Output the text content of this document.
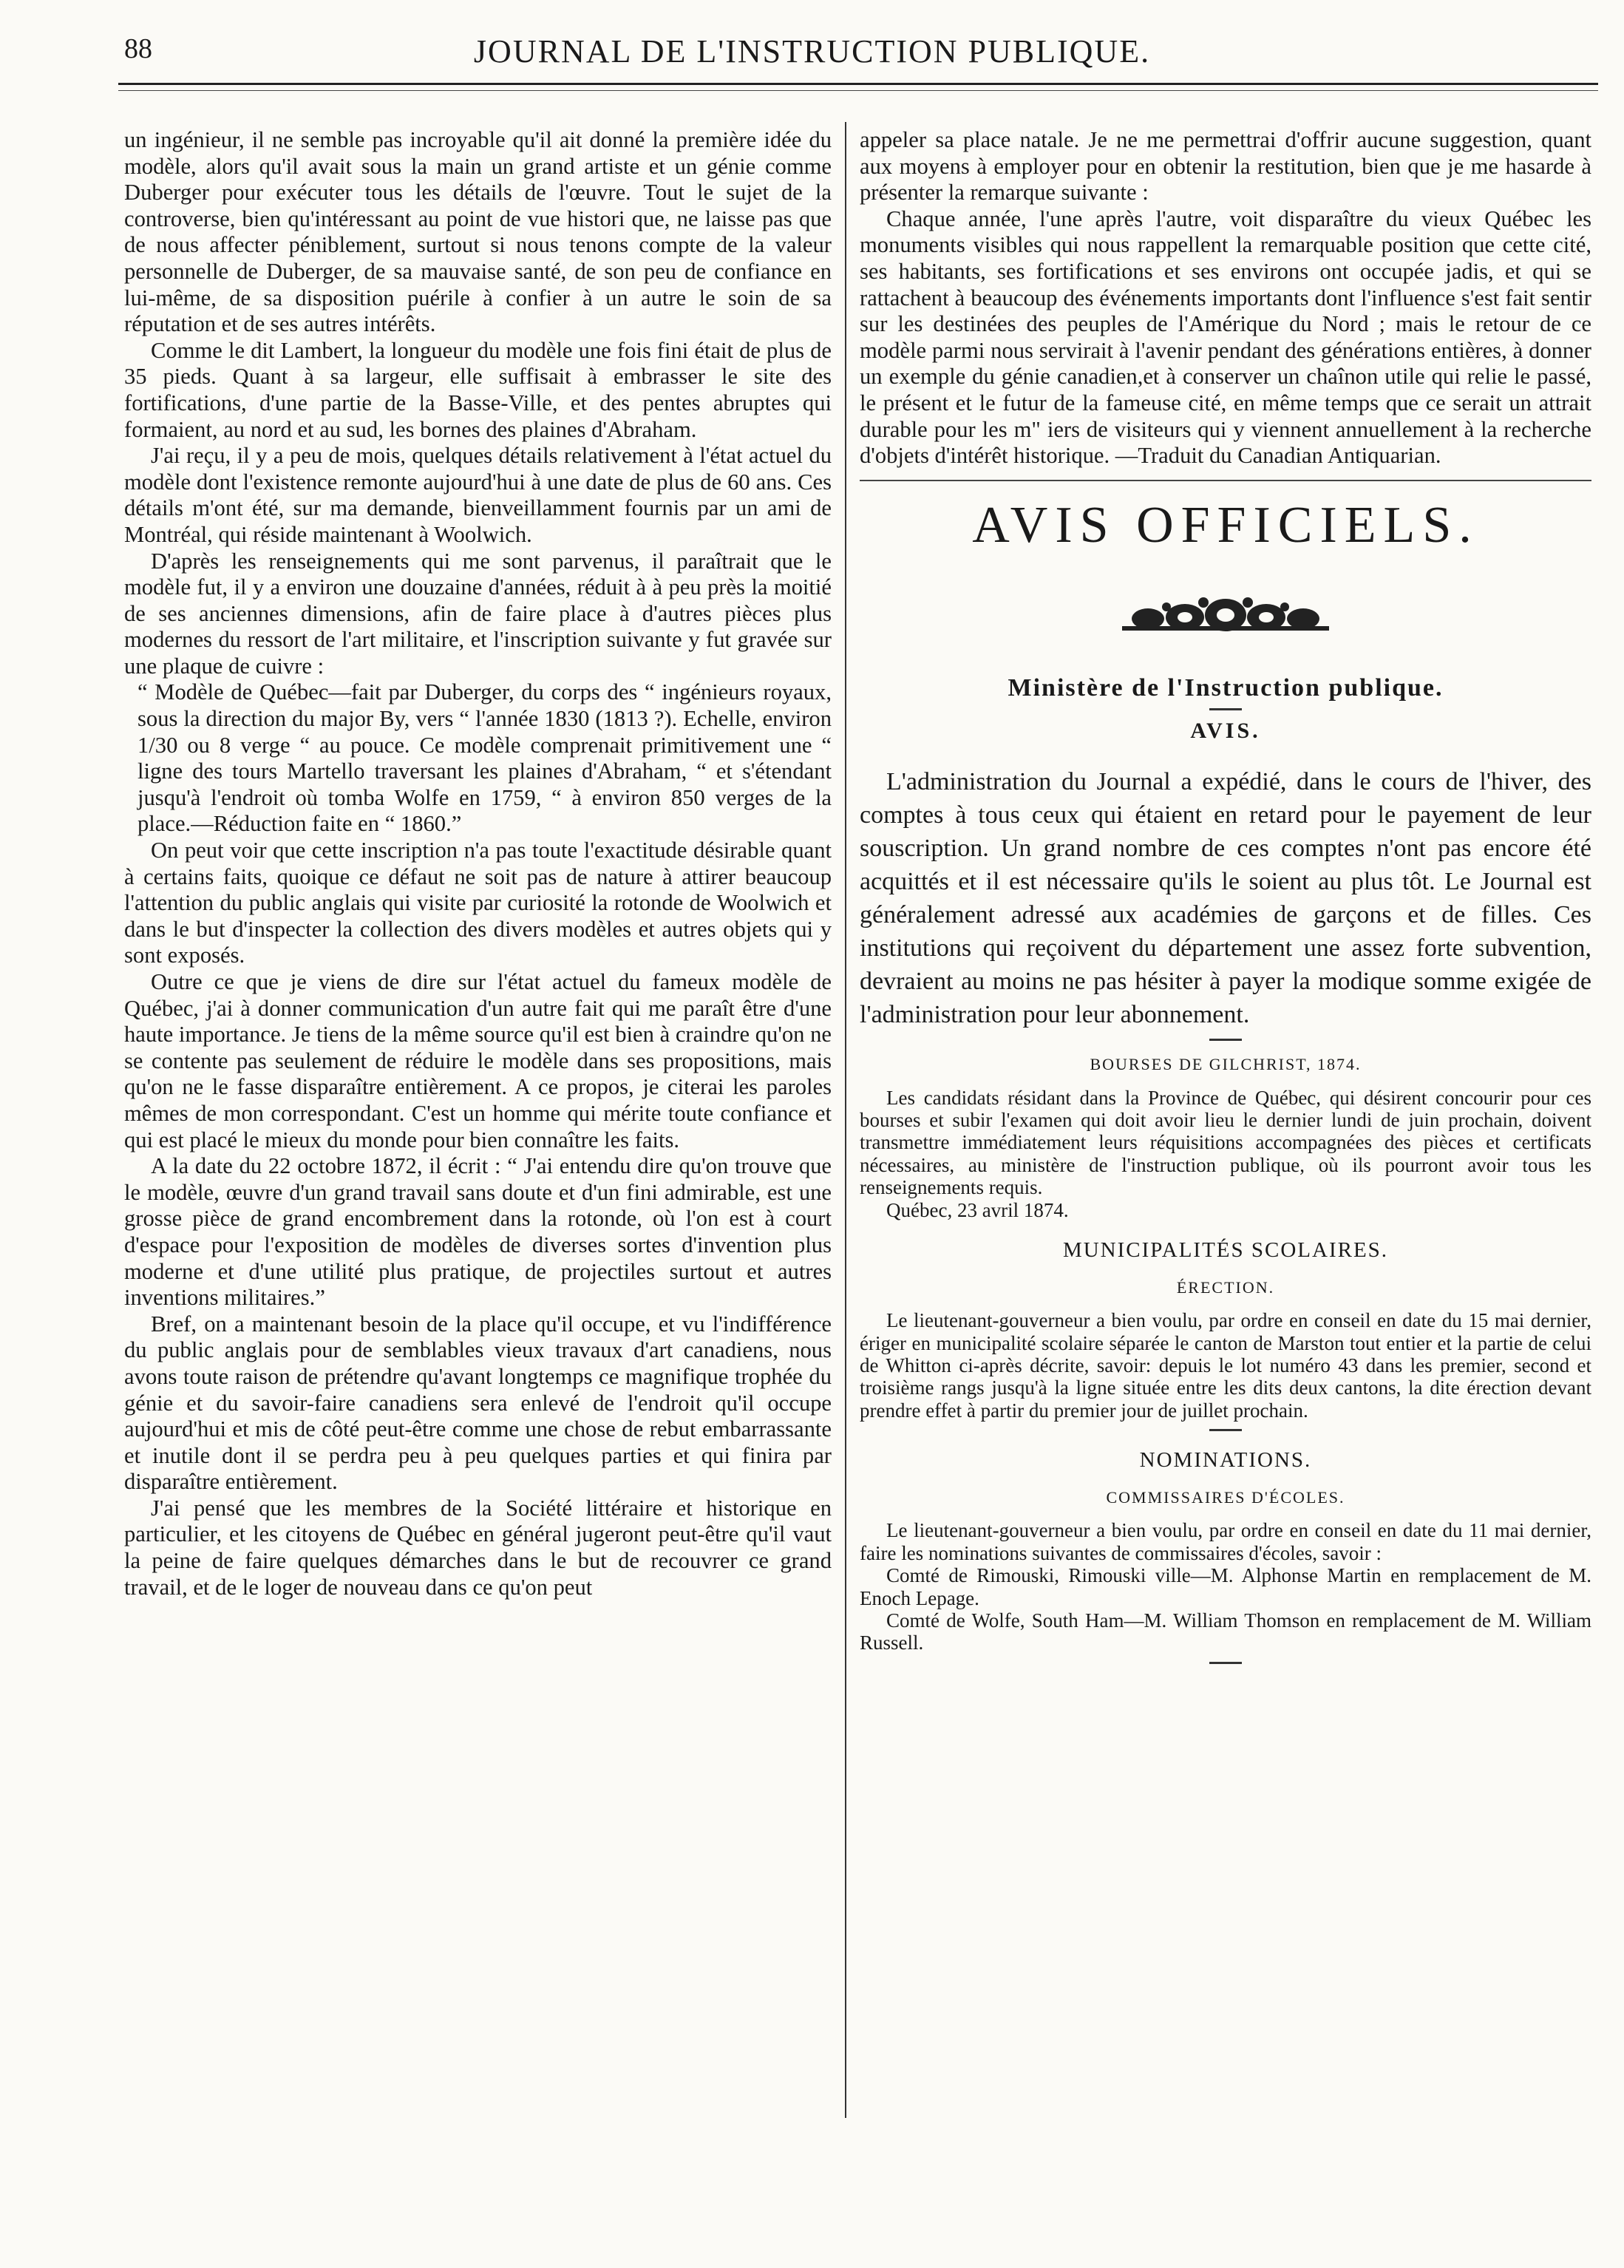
88	JOURNAL DE L'INSTRUCTION PUBLIQUE.

un ingénieur, il ne semble pas incroyable qu'il ait donné la première idée du modèle, alors qu'il avait sous la main un grand artiste et un génie comme Duberger pour exécuter tous les détails de l'œuvre. Tout le sujet de la controverse, bien qu'intéressant au point de vue histori que, ne laisse pas que de nous affecter péniblement, surtout si nous tenons compte de la valeur personnelle de Duberger, de sa mauvaise santé, de son peu de confiance en lui-même, de sa disposition puérile à confier à un autre le soin de sa réputation et de ses autres intérêts.

Comme le dit Lambert, la longueur du modèle une fois fini était de plus de 35 pieds. Quant à sa largeur, elle suffisait à embrasser le site des fortifications, d'une partie de la Basse-Ville, et des pentes abruptes qui formaient, au nord et au sud, les bornes des plaines d'Abraham.

J'ai reçu, il y a peu de mois, quelques détails relativement à l'état actuel du modèle dont l'existence remonte aujourd'hui à une date de plus de 60 ans. Ces détails m'ont été, sur ma demande, bienveillamment fournis par un ami de Montréal, qui réside maintenant à Woolwich.

D'après les renseignements qui me sont parvenus, il paraîtrait que le modèle fut, il y a environ une douzaine d'années, réduit à à peu près la moitié de ses anciennes dimensions, afin de faire place à d'autres pièces plus modernes du ressort de l'art militaire, et l'inscription suivante y fut gravée sur une plaque de cuivre :

“ Modèle de Québec—fait par Duberger, du corps des “ ingénieurs royaux, sous la direction du major By, vers “ l'année 1830 (1813 ?). Echelle, environ 1/30 ou 8 verge “ au pouce. Ce modèle comprenait primitivement une “ ligne des tours Martello traversant les plaines d'Abraham, “ et s'étendant jusqu'à l'endroit où tomba Wolfe en 1759, “ à environ 850 verges de la place.—Réduction faite en “ 1860.”

On peut voir que cette inscription n'a pas toute l'exactitude désirable quant à certains faits, quoique ce défaut ne soit pas de nature à attirer beaucoup l'attention du public anglais qui visite par curiosité la rotonde de Woolwich et dans le but d'inspecter la collection des divers modèles et autres objets qui y sont exposés.

Outre ce que je viens de dire sur l'état actuel du fameux modèle de Québec, j'ai à donner communication d'un autre fait qui me paraît être d'une haute importance. Je tiens de la même source qu'il est bien à craindre qu'on ne se contente pas seulement de réduire le modèle dans ses propositions, mais qu'on ne le fasse disparaître entièrement. A ce propos, je citerai les paroles mêmes de mon correspondant. C'est un homme qui mérite toute confiance et qui est placé le mieux du monde pour bien connaître les faits.

A la date du 22 octobre 1872, il écrit : “ J'ai entendu dire qu'on trouve que le modèle, œuvre d'un grand travail sans doute et d'un fini admirable, est une grosse pièce de grand encombrement dans la rotonde, où l'on est à court d'espace pour l'exposition de modèles de diverses sortes d'invention plus moderne et d'une utilité plus pratique, de projectiles surtout et autres inventions militaires.”

Bref, on a maintenant besoin de la place qu'il occupe, et vu l'indifférence du public anglais pour de semblables vieux travaux d'art canadiens, nous avons toute raison de prétendre qu'avant longtemps ce magnifique trophée du génie et du savoir-faire canadiens sera enlevé de l'endroit qu'il occupe aujourd'hui et mis de côté peut-être comme une chose de rebut embarrassante et inutile dont il se perdra peu à peu quelques parties et qui finira par disparaître entièrement.

J'ai pensé que les membres de la Société littéraire et historique en particulier, et les citoyens de Québec en général jugeront peut-être qu'il vaut la peine de faire quelques démarches dans le but de recouvrer ce grand travail, et de le loger de nouveau dans ce qu'on peut

appeler sa place natale. Je ne me permettrai d'offrir aucune suggestion, quant aux moyens à employer pour en obtenir la restitution, bien que je me hasarde à présenter la remarque suivante :

Chaque année, l'une après l'autre, voit disparaître du vieux Québec les monuments visibles qui nous rappellent la remarquable position que cette cité, ses habitants, ses fortifications et ses environs ont occupée jadis, et qui se rattachent à beaucoup des événements importants dont l'influence s'est fait sentir sur les destinées des peuples de l'Amérique du Nord ; mais le retour de ce modèle parmi nous servirait à l'avenir pendant des générations entières, à donner un exemple du génie canadien,et à conserver un chaînon utile qui relie le passé, le présent et le futur de la fameuse cité, en même temps que ce serait un attrait durable pour les m" iers de visiteurs qui y viennent annuellement à la recherche d'objets d'intérêt historique. —Traduit du Canadian Antiquarian.

AVIS OFFICIELS.
Ministère de l'Instruction publique.
AVIS.

L'administration du Journal a expédié, dans le cours de l'hiver, des comptes à tous ceux qui étaient en retard pour le payement de leur souscription. Un grand nombre de ces comptes n'ont pas encore été acquittés et il est nécessaire qu'ils le soient au plus tôt. Le Journal est généralement adressé aux académies de garçons et de filles. Ces institutions qui reçoivent du département une assez forte subvention, devraient au moins ne pas hésiter à payer la modique somme exigée de l'administration pour leur abonnement.

BOURSES DE GILCHRIST, 1874.

Les candidats résidant dans la Province de Québec, qui désirent concourir pour ces bourses et subir l'examen qui doit avoir lieu le dernier lundi de juin prochain, doivent transmettre immédiatement leurs réquisitions accompagnées des pièces et certificats nécessaires, au ministère de l'instruction publique, où ils pourront avoir tous les renseignements requis.

Québec, 23 avril 1874.

MUNICIPALITÉS SCOLAIRES.
ÉRECTION.

Le lieutenant-gouverneur a bien voulu, par ordre en conseil en date du 15 mai dernier, ériger en municipalité scolaire séparée le canton de Marston tout entier et la partie de celui de Whitton ci-après décrite, savoir: depuis le lot numéro 43 dans les premier, second et troisième rangs jusqu'à la ligne située entre les dits deux cantons, la dite érection devant prendre effet à partir du premier jour de juillet prochain.

NOMINATIONS.
COMMISSAIRES D'ÉCOLES.

Le lieutenant-gouverneur a bien voulu, par ordre en conseil en date du 11 mai dernier, faire les nominations suivantes de commissaires d'écoles, savoir :

Comté de Rimouski, Rimouski ville—M. Alphonse Martin en remplacement de M. Enoch Lepage.

Comté de Wolfe, South Ham—M. William Thomson en remplacement de M. William Russell.
